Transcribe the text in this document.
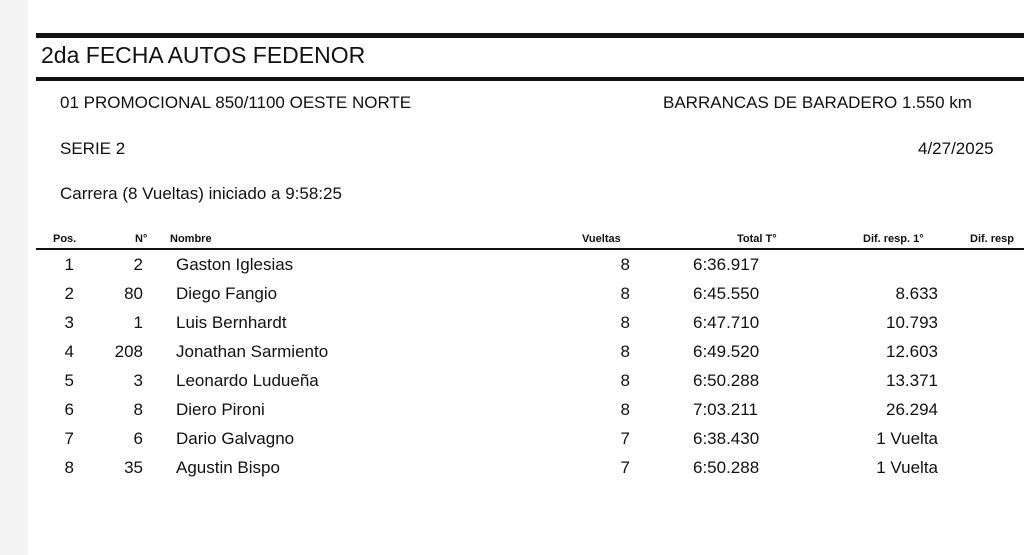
2da FECHA AUTOS FEDENOR
01 PROMOCIONAL 850/1100 OESTE NORTE	BARRANCAS DE BARADERO 1.550 km
SERIE 2	4/27/2025
Carrera (8 Vueltas) iniciado a 9:58:25
Pos.	N° Nombre	Vueltas	Total T°	Dif. resp. 1°	Dif. resp
1	2 Gaston Iglesias	8	6:36.917
2	80 Diego Fangio	8	6:45.550	8.633
3	1 Luis Bernhardt	8	6:47.710	10.793
4 208 Jonathan Sarmiento	8	6:49.520	12.603
5	3 Leonardo Ludueña	8	6:50.288	13.371
6	8 Diero Pironi	8	7:03.211	26.294
7	6 Dario Galvagno	7	6:38.430	1 Vuelta
8	35 Agustin Bispo	7	6:50.288	1 Vuelta
